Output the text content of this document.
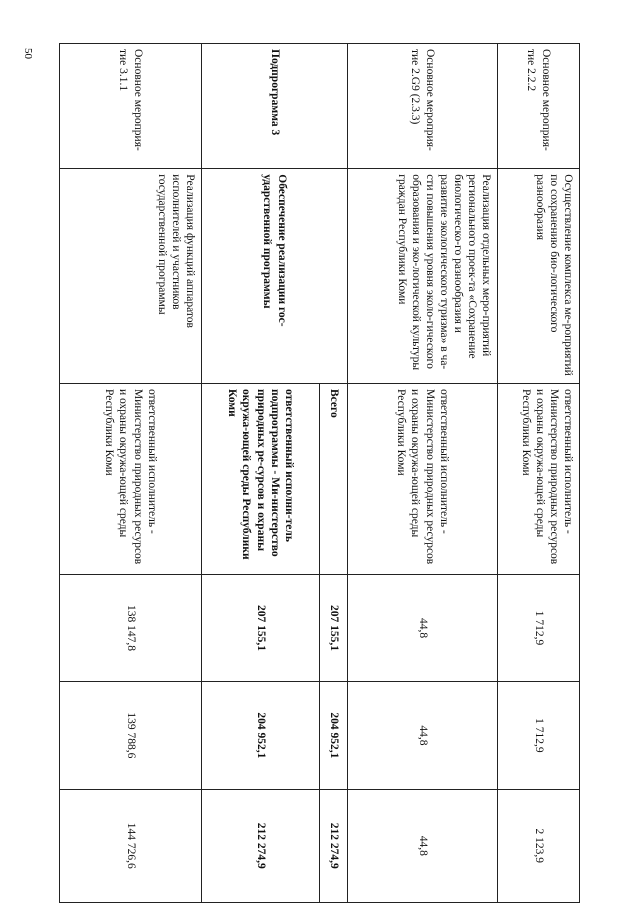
50	Основное мероприя-тие 2.2.2	Осуществление комплекса ме-роприятий по сохранению био-логического разнообразия	ответственный исполнитель - Министерство природных ресурсов и охраны окружа-ющей среды Республики Коми	1 712,9	1 712,9	2 123,9
Основное мероприя-тие 2.G9 (2.3.3)	Реализация отдельных меро-приятий регионального проек-та «Сохранение биологическо-го разнообразия и развитие экологического туризма» в ча-сти повышения уровня эколо-гического образования и эко-логической культуры граждан Республики Коми	ответственный исполнитель - Министерство природных ресурсов и охраны окружа-ющей среды Республики Коми	44,8	44,8	44,8
Подпрограмма 3	Обеспечение реализации гос-ударственной программы	Всего	207 155,1	204 952,1	212 274,9
		ответственный исполни-тель подпрограммы - Ми-нистерство природных ре-сурсов и охраны окружа-ющей среды Республики Коми	207 155,1	204 952,1	212 274,9
Основное мероприя-тие 3.1.1	Реализация функций аппаратов исполнителей и участников государственной программы	ответственный исполнитель - Министерство природных ресурсов и охраны окружа-ющей среды Республики Коми	138 147,8	139 788,6	144 726,6
